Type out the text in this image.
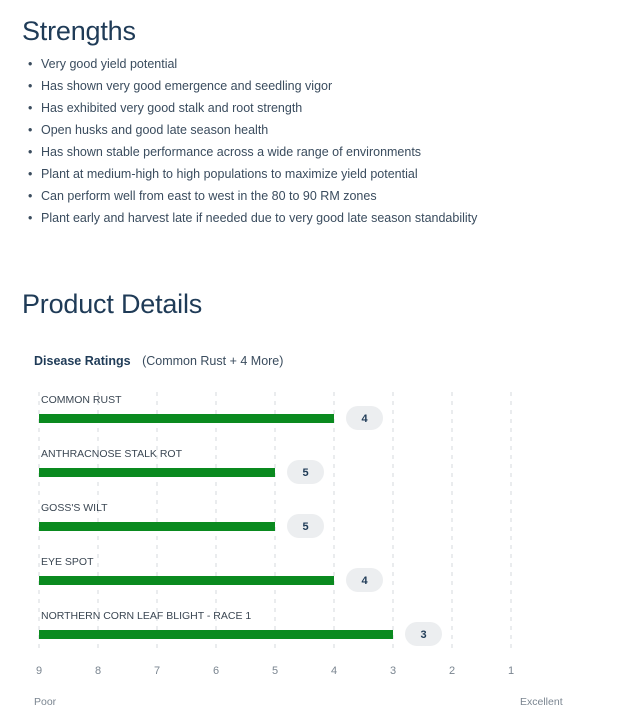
Strengths
• Very good yield potential
• Has shown very good emergence and seedling vigor
• Has exhibited very good stalk and root strength
• Open husks and good late season health
• Has shown stable performance across a wide range of environments
• Plant at medium-high to high populations to maximize yield potential
• Can perform well from east to west in the 80 to 90 RM zones
• Plant early and harvest late if needed due to very good late season standability
Product Details
Disease Ratings (Common Rust + 4 More)
9	8	7	6	5	4	3	2	1
COMMON RUST
4
ANTHRACNOSE STALK ROT
5
GOSS'S WILT
5
EYE SPOT
4
NORTHERN CORN LEAF BLIGHT - RACE 1
3
Poor	Excellent
